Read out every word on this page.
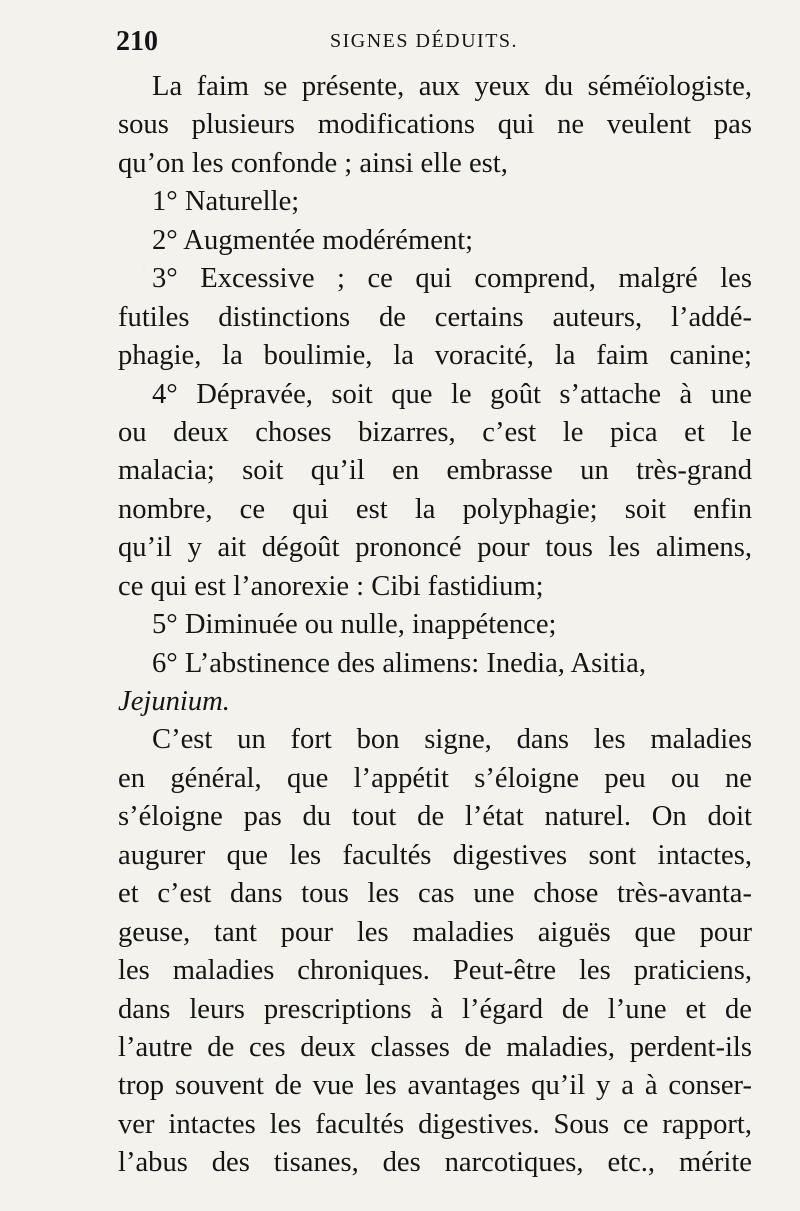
210	SIGNES DÉDUITS.
La faim se présente, aux yeux du séméïologiste,
sous plusieurs modifications qui ne veulent pas
qu’on les confonde ; ainsi elle est,
1° Naturelle;
2° Augmentée modérément;
3° Excessive ; ce qui comprend, malgré les
futiles distinctions de certains auteurs, l’addé-
phagie, la boulimie, la voracité, la faim canine;
4° Dépravée, soit que le goût s’attache à une
ou deux choses bizarres, c’est le pica et le
malacia; soit qu’il en embrasse un très-grand
nombre, ce qui est la polyphagie; soit enfin
qu’il y ait dégoût prononcé pour tous les alimens,
ce qui est l’anorexie : Cibi fastidium;
5° Diminuée ou nulle, inappétence;
6° L’abstinence des alimens: Inedia, Asitia,
Jejunium.
C’est un fort bon signe, dans les maladies
en général, que l’appétit s’éloigne peu ou ne
s’éloigne pas du tout de l’état naturel. On doit
augurer que les facultés digestives sont intactes,
et c’est dans tous les cas une chose très-avanta-
geuse, tant pour les maladies aiguës que pour
les maladies chroniques. Peut-être les praticiens,
dans leurs prescriptions à l’égard de l’une et de
l’autre de ces deux classes de maladies, perdent-ils
trop souvent de vue les avantages qu’il y a à conser-
ver intactes les facultés digestives. Sous ce rapport,
l’abus des tisanes, des narcotiques, etc., mérite
